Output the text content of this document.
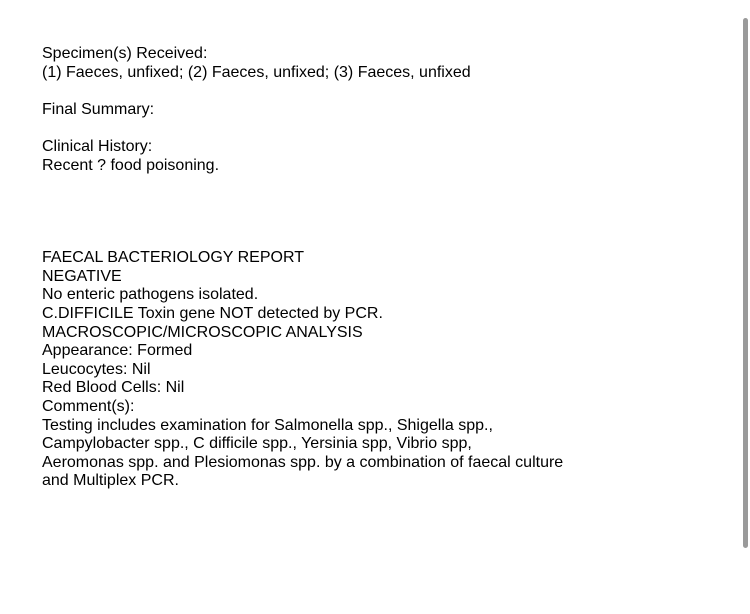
Specimen(s) Received:
(1) Faeces, unfixed; (2) Faeces, unfixed; (3) Faeces, unfixed
Final Summary:
Clinical History:
Recent ? food poisoning.
FAECAL BACTERIOLOGY REPORT
NEGATIVE
No enteric pathogens isolated.
C.DIFFICILE Toxin gene NOT detected by PCR.
MACROSCOPIC/MICROSCOPIC ANALYSIS
Appearance: Formed
Leucocytes: Nil
Red Blood Cells: Nil
Comment(s):
Testing includes examination for Salmonella spp., Shigella spp.,
Campylobacter spp., C difficile spp., Yersinia spp, Vibrio spp,
Aeromonas spp. and Plesiomonas spp. by a combination of faecal culture
and Multiplex PCR.
